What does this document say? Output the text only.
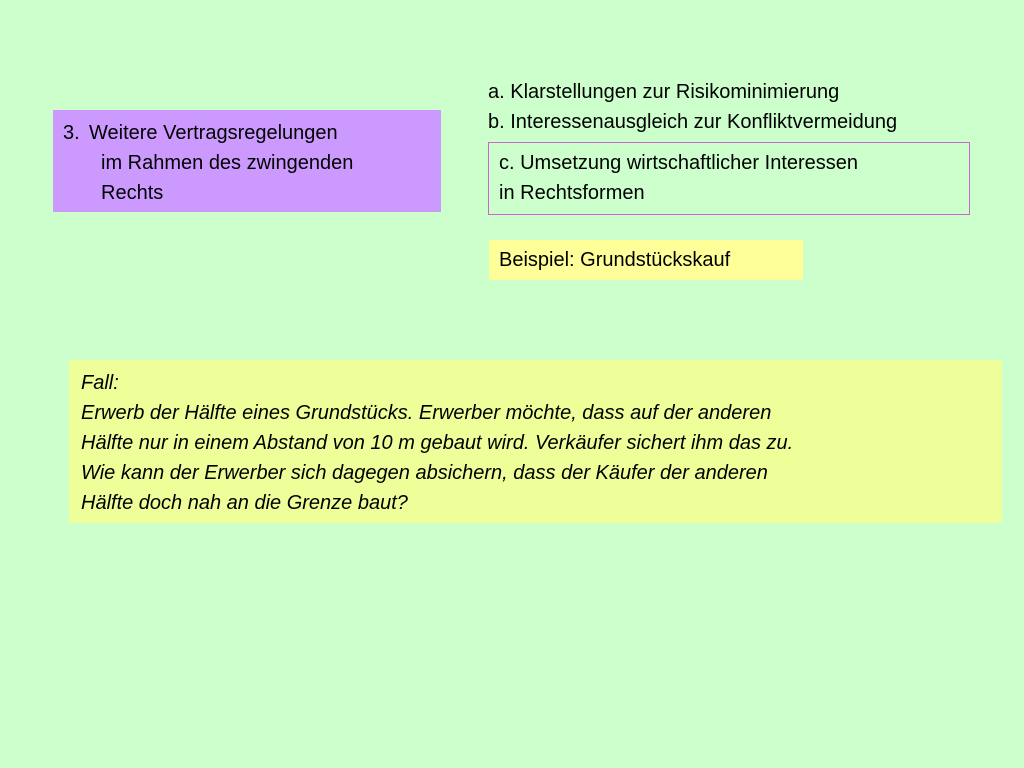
3. Weitere Vertragsregelungen
im Rahmen des zwingenden
Rechts
a. Klarstellungen zur Risikominimierung
b. Interessenausgleich zur Konfliktvermeidung
c. Umsetzung wirtschaftlicher Interessen
in Rechtsformen
Beispiel: Grundstückskauf
Fall:
Erwerb der Hälfte eines Grundstücks. Erwerber möchte, dass auf der anderen
Hälfte nur in einem Abstand von 10 m gebaut wird. Verkäufer sichert ihm das zu.
Wie kann der Erwerber sich dagegen absichern, dass der Käufer der anderen
Hälfte doch nah an die Grenze baut?
